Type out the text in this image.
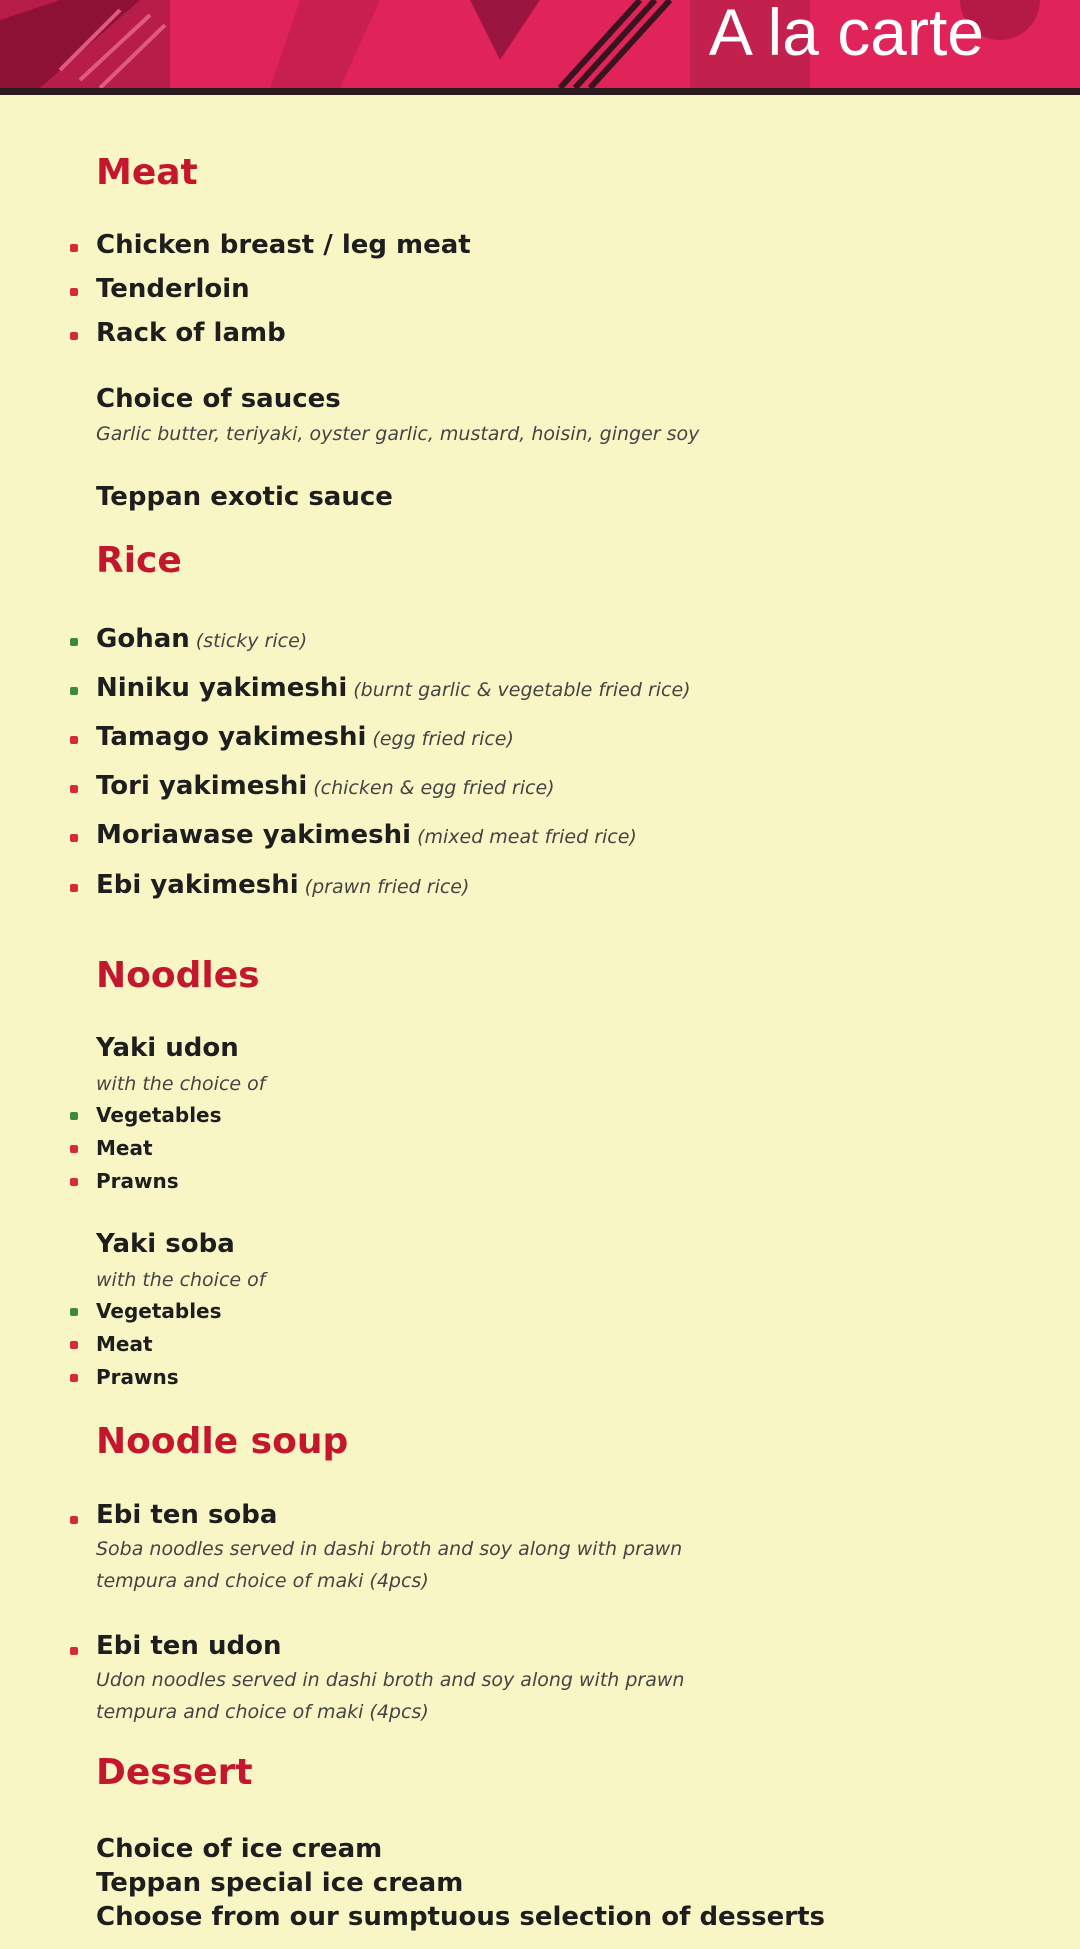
A la carte
Meat
Chicken breast / leg meat
Tenderloin
Rack of lamb
Choice of sauces
Garlic butter, teriyaki, oyster garlic, mustard, hoisin, ginger soy
Teppan exotic sauce
Rice
Gohan (sticky rice)
Niniku yakimeshi (burnt garlic & vegetable fried rice)
Tamago yakimeshi (egg fried rice)
Tori yakimeshi (chicken & egg fried rice)
Moriawase yakimeshi (mixed meat fried rice)
Ebi yakimeshi (prawn fried rice)
Noodles
Yaki udon
with the choice of
Vegetables
Meat
Prawns
Yaki soba
with the choice of
Vegetables
Meat
Prawns
Noodle soup
Ebi ten soba
Soba noodles served in dashi broth and soy along with prawn
tempura and choice of maki (4pcs)
Ebi ten udon
Udon noodles served in dashi broth and soy along with prawn
tempura and choice of maki (4pcs)
Dessert
Choice of ice cream
Teppan special ice cream
Choose from our sumptuous selection of desserts
